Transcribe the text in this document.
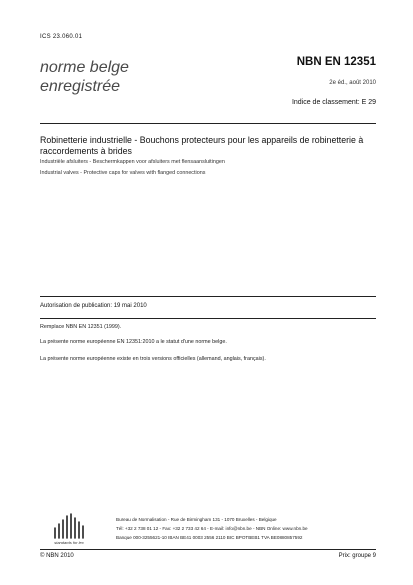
ICS 23.060.01
norme belge
enregistrée
NBN EN 12351
2e éd., août 2010
Indice de classement: E 29
Robinetterie industrielle - Bouchons protecteurs pour les appareils de robinetterie à raccordements à brides
Industriële afsluiters - Beschermkappen voor afsluiters met flensaansluitingen
Industrial valves - Protective caps for valves with flanged connections
Autorisation de publication: 19 mai 2010
Remplace NBN EN 12351 (1999).
La présente norme européenne EN 12351:2010 a le statut d'une norme belge.
La présente norme européenne existe en trois versions officielles (allemand, anglais, français).
standards for lex
Bureau de Normalisation - Rue de Birmingham 131 - 1070 Bruxelles - Belgique
Tél: +32 2 738 01 12 - Fax: +32 2 733 42 64 - E-mail: info@nbn.be - NBN Online: www.nbn.be
Banque 000-3255621-10 IBAN BE41 0003 2556 2110 BIC BPOTBEB1 TVA BE0880857592
© NBN 2010	Prix: groupe 9
